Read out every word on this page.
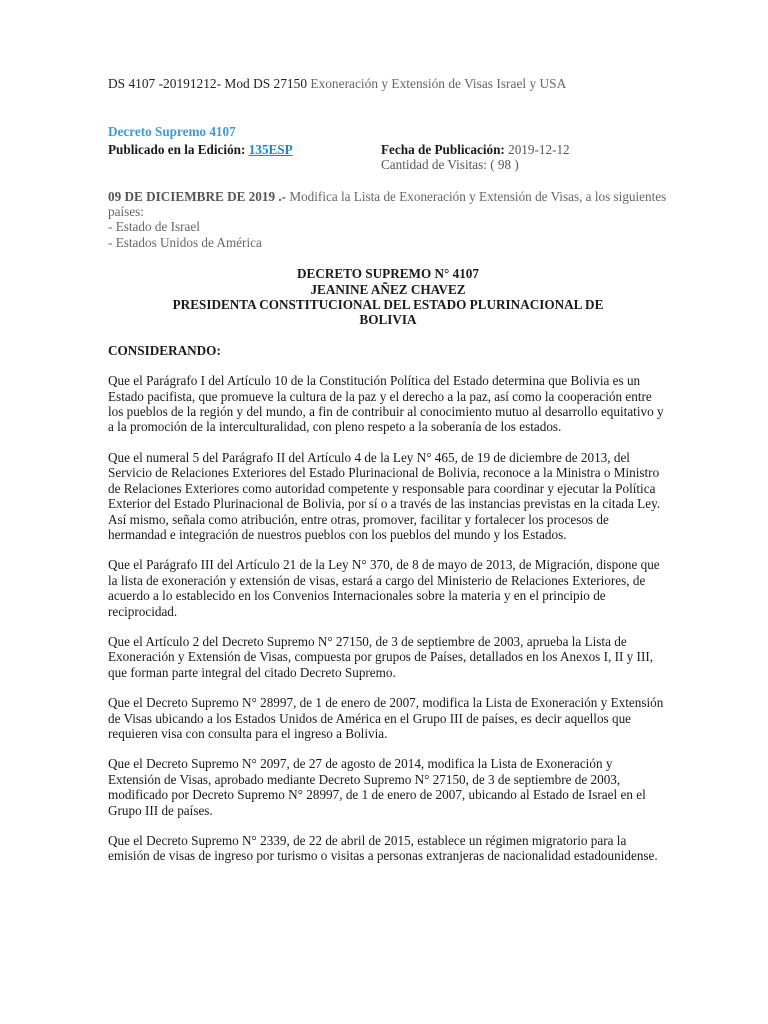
DS 4107 -20191212- Mod DS 27150 Exoneración y Extensión de Visas Israel y USA

Decreto Supremo 4107
Publicado en la Edición: 135ESP	Fecha de Publicación: 2019-12-12
Cantidad de Visitas: ( 98 )
09 DE DICIEMBRE DE 2019 .- Modifica la Lista de Exoneración y Extensión de Visas, a los siguientes países:
- Estado de Israel
- Estados Unidos de América
DECRETO SUPREMO N° 4107
JEANINE AÑEZ CHAVEZ
PRESIDENTA CONSTITUCIONAL DEL ESTADO PLURINACIONAL DE
BOLIVIA
CONSIDERANDO:
Que el Parágrafo I del Artículo 10 de la Constitución Política del Estado determina que Bolivia es un Estado pacifista, que promueve la cultura de la paz y el derecho a la paz, así como la cooperación entre los pueblos de la región y del mundo, a fin de contribuir al conocimiento mutuo al desarrollo equitativo y a la promoción de la interculturalidad, con pleno respeto a la soberanía de los estados.
Que el numeral 5 del Parágrafo II del Artículo 4 de la Ley N° 465, de 19 de diciembre de 2013, del Servicio de Relaciones Exteriores del Estado Plurinacional de Bolivia, reconoce a la Ministra o Ministro de Relaciones Exteriores como autoridad competente y responsable para coordinar y ejecutar la Política Exterior del Estado Plurinacional de Bolivia, por sí o a través de las instancias previstas en la citada Ley. Así mismo, señala como atribución, entre otras, promover, facilitar y fortalecer los procesos de hermandad e integración de nuestros pueblos con los pueblos del mundo y los Estados.
Que el Parágrafo III del Artículo 21 de la Ley N° 370, de 8 de mayo de 2013, de Migración, dispone que la lista de exoneración y extensión de visas, estará a cargo del Ministerio de Relaciones Exteriores, de acuerdo a lo establecido en los Convenios Internacionales sobre la materia y en el principio de reciprocidad.
Que el Artículo 2 del Decreto Supremo N° 27150, de 3 de septiembre de 2003, aprueba la Lista de Exoneración y Extensión de Visas, compuesta por grupos de Países, detallados en los Anexos I, II y III, que forman parte integral del citado Decreto Supremo.
Que el Decreto Supremo N° 28997, de 1 de enero de 2007, modifica la Lista de Exoneración y Extensión de Visas ubicando a los Estados Unidos de América en el Grupo III de países, es decir aquellos que requieren visa con consulta para el ingreso a Bolivia.
Que el Decreto Supremo N° 2097, de 27 de agosto de 2014, modifica la Lista de Exoneración y Extensión de Visas, aprobado mediante Decreto Supremo N° 27150, de 3 de septiembre de 2003, modificado por Decreto Supremo N° 28997, de 1 de enero de 2007, ubicando al Estado de Israel en el Grupo III de países.
Que el Decreto Supremo N° 2339, de 22 de abril de 2015, establece un régimen migratorio para la emisión de visas de ingreso por turismo o visitas a personas extranjeras de nacionalidad estadounidense.
